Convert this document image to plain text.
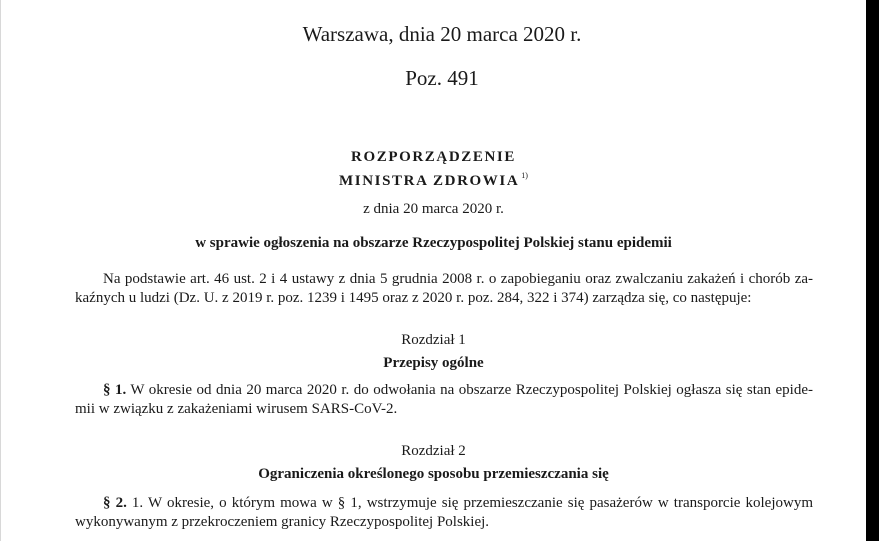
Warszawa, dnia 20 marca 2020 r.
Poz. 491
ROZPORZĄDZENIE
MINISTRA ZDROWIA $^{1)}$
z dnia 20 marca 2020 r.
w sprawie ogłoszenia na obszarze Rzeczypospolitej Polskiej stanu epidemii
Na podstawie art. 46 ust. 2 i 4 ustawy z dnia 5 grudnia 2008 r. o zapobieganiu oraz zwalczaniu zakażeń i chorób za-
kaźnych u ludzi (Dz. U. z 2019 r. poz. 1239 i 1495 oraz z 2020 r. poz. 284, 322 i 374) zarządza się, co następuje:
Rozdział 1
Przepisy ogólne
§ 1. W okresie od dnia 20 marca 2020 r. do odwołania na obszarze Rzeczypospolitej Polskiej ogłasza się stan epide-
mii w związku z zakażeniami wirusem SARS-CoV-2.
Rozdział 2
Ograniczenia określonego sposobu przemieszczania się
§ 2. 1. W okresie, o którym mowa w § 1, wstrzymuje się przemieszczanie się pasażerów w transporcie kolejowym
wykonywanym z przekroczeniem granicy Rzeczypospolitej Polskiej.
